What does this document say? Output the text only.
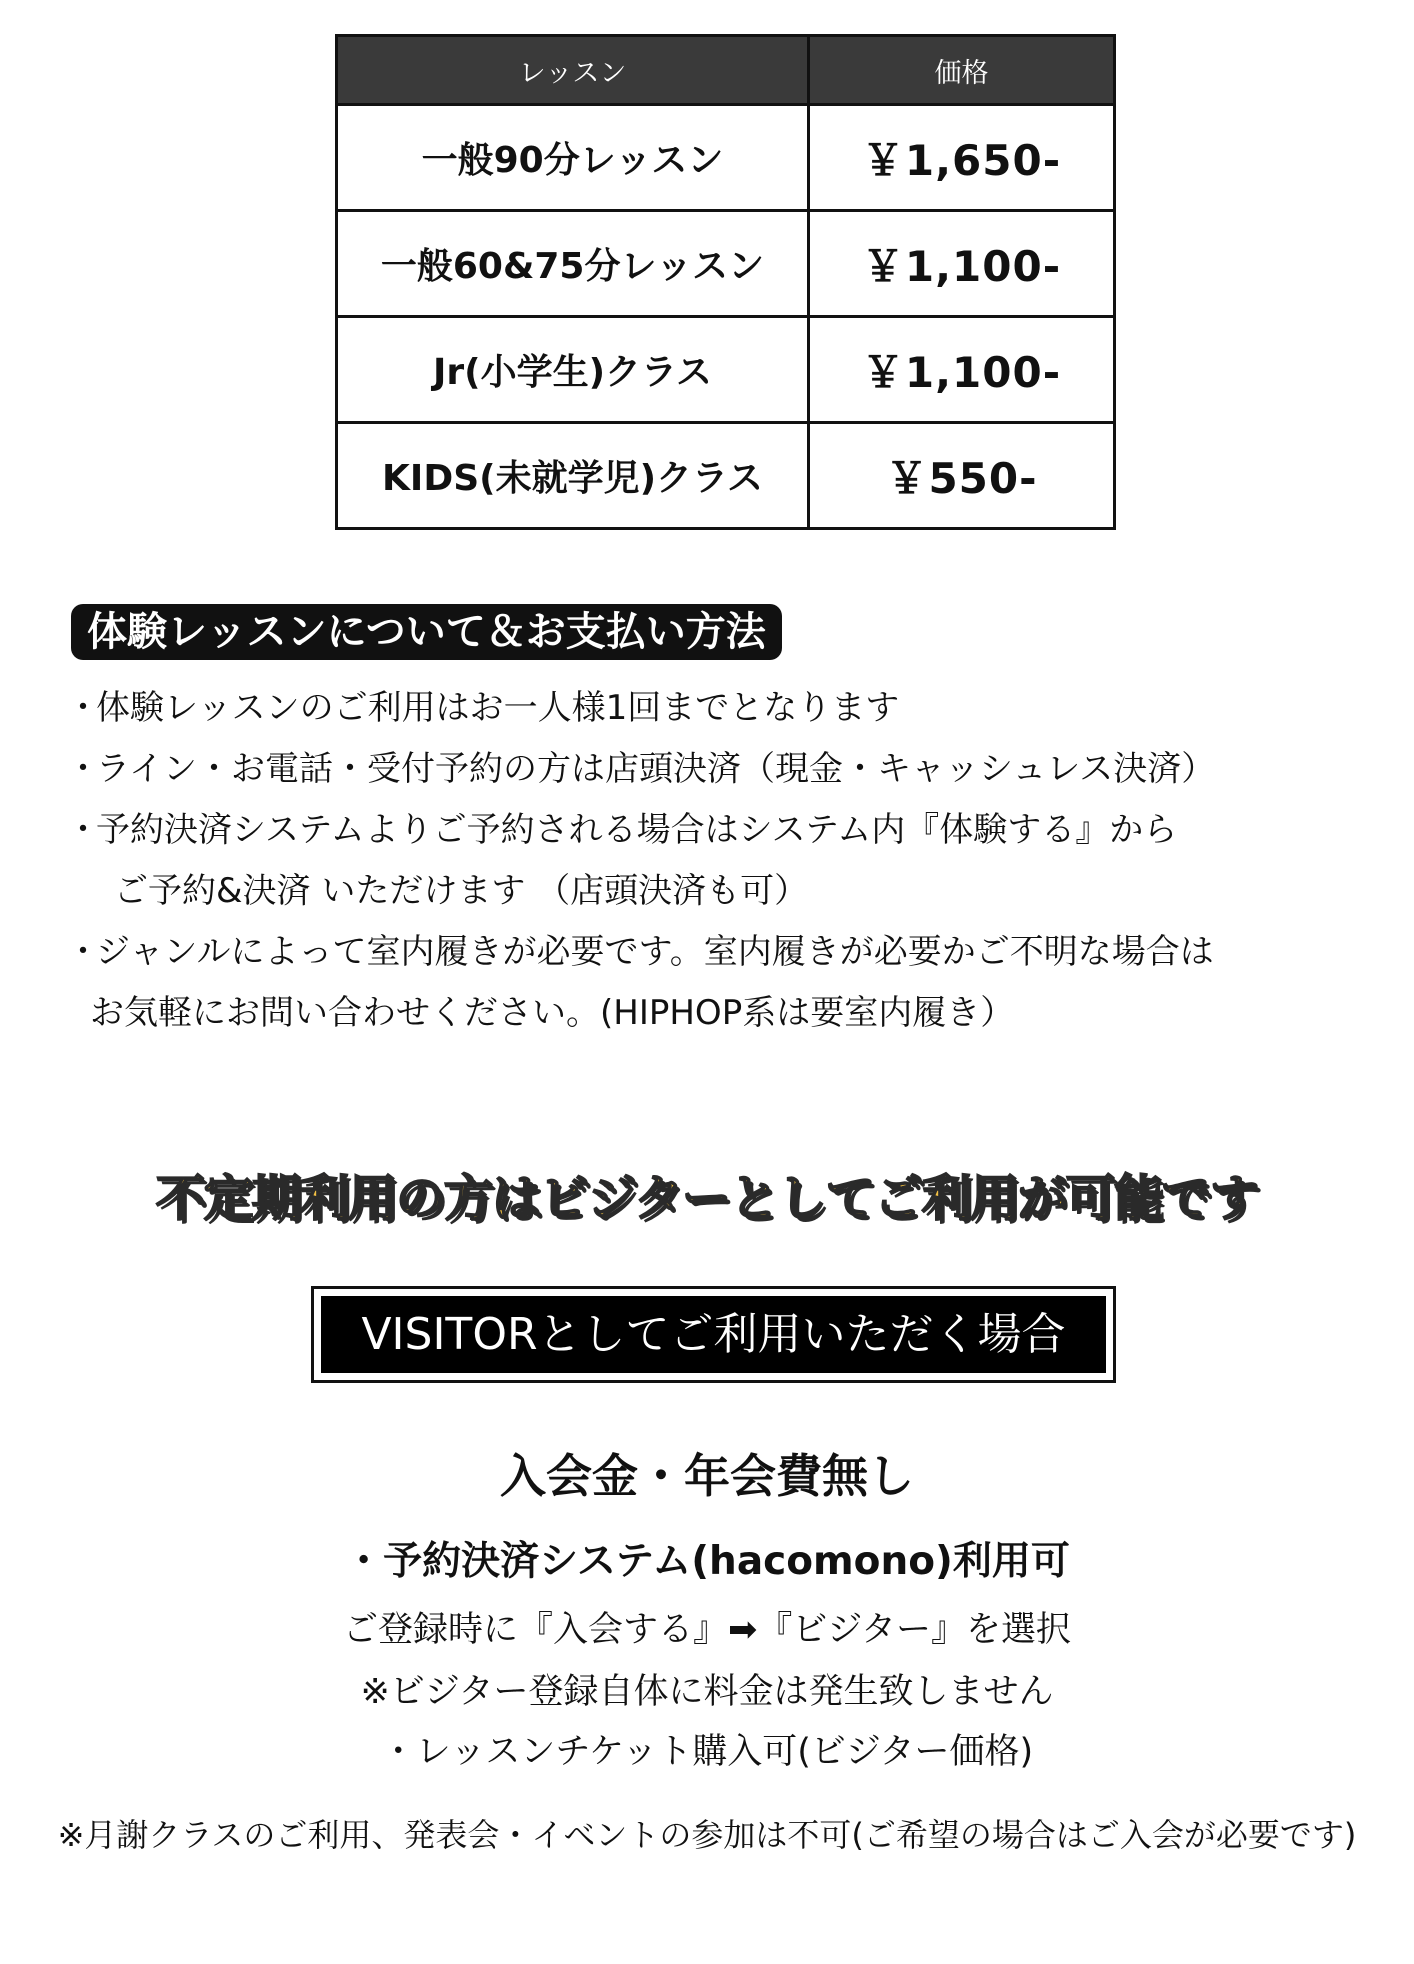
レッスン	価格
一般90分レッスン	￥1,650-
一般60&75分レッスン	￥1,100-
Jr(小学生)クラス	￥1,100-
KIDS(未就学児)クラス	￥550-
体験レッスンについて＆お支払い方法
・体験レッスンのご利用はお一人様1回までとなります
・ライン・お電話・受付予約の方は店頭決済（現金・キャッシュレス決済）
・予約決済システムよりご予約される場合はシステム内『体験する』から
ご予約&決済 いただけます （店頭決済も可）
・ジャンルによって室内履きが必要です。室内履きが必要かご不明な場合は
お気軽にお問い合わせください。(HIPHOP系は要室内履き）
不定期利用の方はビジターとしてご利用が可能です
VISITORとしてご利用いただく場合
入会金・年会費無し
・予約決済システム(hacomono)利用可
ご登録時に『入会する』➡『ビジター』を選択
※ビジター登録自体に料金は発生致しません
・レッスンチケット購入可(ビジター価格)
※月謝クラスのご利用、発表会・イベントの参加は不可(ご希望の場合はご入会が必要です)
